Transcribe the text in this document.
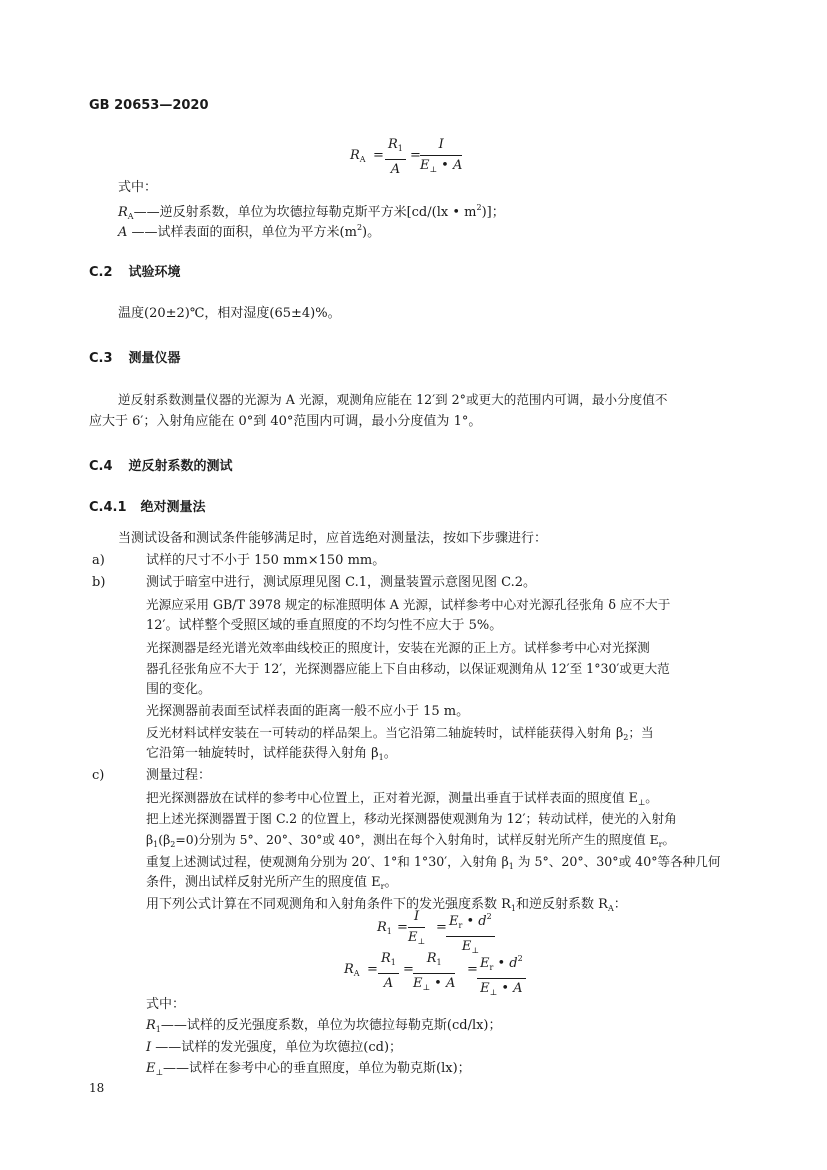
GB 20653—2020
$R_A = \frac{R_1}{A} = \frac{I}{E_\perp • A}$
式中：
$R_A——$逆反射系数，单位为坎德拉每勒克斯平方米[cd/(lx • $m^2$)]；
A ——试样表面的面积，单位为平方米$(m^2)$。
C.2 试验环境
温度(20±2)℃，相对湿度(65±4)%。
C.3 测量仪器
逆反射系数测量仪器的光源为 A 光源，观测角应能在 12′到 2°或更大的范围内可调，最小分度值不
应大于 6′；入射角应能在 0°到 40°范围内可调，最小分度值为 1°。
C.4 逆反射系数的测试
C.4.1 绝对测量法
当测试设备和测试条件能够满足时，应首选绝对测量法，按如下步骤进行：
a)	试样的尺寸不小于 150 mm×150 mm。
b)	测试于暗室中进行，测试原理见图 C.1，测量装置示意图见图 C.2。
光源应采用 GB/T 3978 规定的标准照明体 A 光源，试样参考中心对光源孔径张角 δ 应不大于
12′。试样整个受照区域的垂直照度的不均匀性不应大于 5%。
光探测器是经光谱光效率曲线校正的照度计，安装在光源的正上方。试样参考中心对光探测
器孔径张角应不大于 12′，光探测器应能上下自由移动，以保证观测角从 12′至 1°30′或更大范
围的变化。
光探测器前表面至试样表面的距离一般不应小于 15 m。
反光材料试样安装在一可转动的样品架上。当它沿第二轴旋转时，试样能获得入射角 $\beta_2$；当
它沿第一轴旋转时，试样能获得入射角 $\beta_1$。
c)	测量过程：
把光探测器放在试样的参考中心位置上，正对着光源，测量出垂直于试样表面的照度值 $E_\perp$。
把上述光探测器置于图 C.2 的位置上，移动光探测器使观测角为 12′；转动试样，使光的入射角
$\beta_1(\beta_2=0)$分别为 5°、20°、30°或 40°，测出在每个入射角时，试样反射光所产生的照度值 $E_r$。
重复上述测试过程，使观测角分别为 20′、1°和 1°30′，入射角 $\beta_1$ 为 5°、20°、30°或 40°等各种几何
条件，测出试样反射光所产生的照度值 $E_r$。
用下列公式计算在不同观测角和入射角条件下的发光强度系数 $R_1$和逆反射系数 $R_A$：
$R_1 = \frac{I}{E_\perp} = \frac{E_r • d^2}{E_\perp}$
$R_A = \frac{R_1}{A} = \frac{R_1}{E_\perp • A} = \frac{E_r • d^2}{E_\perp • A}$
式中：
$R_1——$试样的反光强度系数，单位为坎德拉每勒克斯(cd/lx)；
I ——试样的发光强度，单位为坎德拉(cd)；
$E_\perp——$试样在参考中心的垂直照度，单位为勒克斯(lx)；
18
